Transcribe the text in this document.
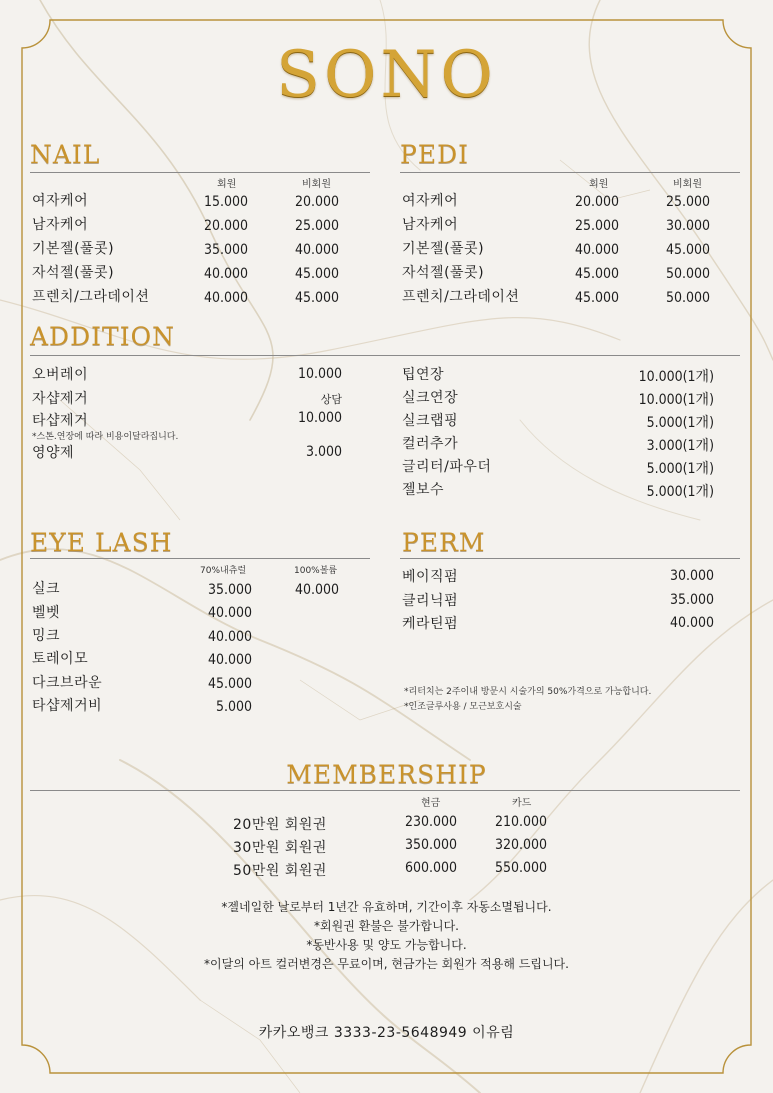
SONO
NAIL
회원	비회원
여자케어	15.000	20.000
남자케어	20.000	25.000
기본젤(풀콧)	35.000	40.000
자석젤(풀콧)	40.000	45.000
프렌치/그라데이션	40.000	45.000
PEDI
회원	비회원
여자케어	20.000	25.000
남자케어	25.000	30.000
기본젤(풀콧)	40.000	45.000
자석젤(풀콧)	45.000	50.000
프렌치/그라데이션	45.000	50.000
ADDITION
오버레이	10.000
자샵제거	상담
타샵제거	10.000
*스톤.연장에 따라 비용이달라집니다.
영양제	3.000
팁연장	10.000(1개)
실크연장	10.000(1개)
실크랩핑	5.000(1개)
컬러추가	3.000(1개)
글리터/파우더	5.000(1개)
젤보수	5.000(1개)
EYE LASH
70%내츄럴	100%볼륨
실크	35.000	40.000
벨벳	40.000
밍크	40.000
토레이모	40.000
다크브라운	45.000
타샵제거비	5.000
PERM
베이직펌	30.000
클리닉펌	35.000
케라틴펌	40.000
*리터치는 2주이내 방문시 시술가의 50%가격으로 가능합니다.
*인조글루사용 / 모근보호시술
MEMBERSHIP
현금	카드
20만원 회원권	230.000	210.000
30만원 회원권	350.000	320.000
50만원 회원권	600.000	550.000
*젤네일한 날로부터 1년간 유효하며, 기간이후 자동소멸됩니다.
*회원권 환불은 불가합니다.
*동반사용 및 양도 가능합니다.
*이달의 아트 컬러변경은 무료이며, 현금가는 회원가 적용해 드립니다.
카카오뱅크 3333-23-5648949 이유림
